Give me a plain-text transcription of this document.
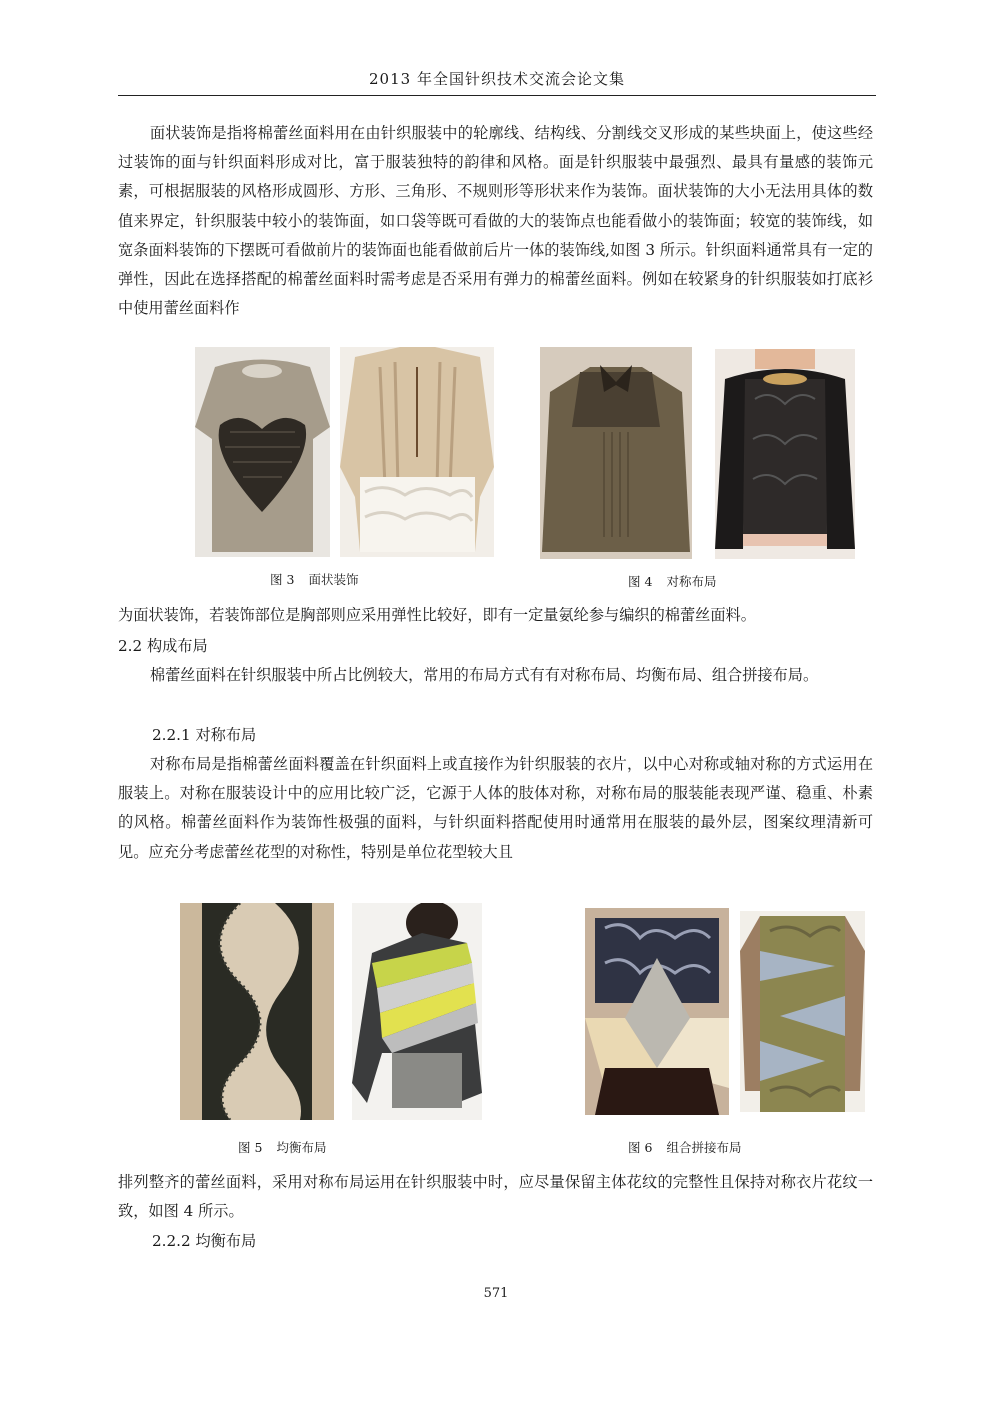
2013 年全国针织技术交流会论文集

面状装饰是指将棉蕾丝面料用在由针织服装中的轮廓线、结构线、分割线交叉形成的某些块面上，使这些经过装饰的面与针织面料形成对比，富于服装独特的韵律和风格。面是针织服装中最强烈、最具有量感的装饰元素，可根据服装的风格形成圆形、方形、三角形、不规则形等形状来作为装饰。面状装饰的大小无法用具体的数值来界定，针织服装中较小的装饰面，如口袋等既可看做的大的装饰点也能看做小的装饰面；较宽的装饰线，如宽条面料装饰的下摆既可看做前片的装饰面也能看做前后片一体的装饰线,如图 3 所示。针织面料通常具有一定的弹性，因此在选择搭配的棉蕾丝面料时需考虑是否采用有弹力的棉蕾丝面料。例如在较紧身的针织服装如打底衫中使用蕾丝面料作

图 3 面状装饰	图 4 对称布局

为面状装饰，若装饰部位是胸部则应采用弹性比较好，即有一定量氨纶参与编织的棉蕾丝面料。

2.2 构成布局

棉蕾丝面料在针织服装中所占比例较大，常用的布局方式有有对称布局、均衡布局、组合拼接布局。

2.2.1 对称布局

对称布局是指棉蕾丝面料覆盖在针织面料上或直接作为针织服装的衣片，以中心对称或轴对称的方式运用在服装上。对称在服装设计中的应用比较广泛，它源于人体的肢体对称，对称布局的服装能表现严谨、稳重、朴素的风格。棉蕾丝面料作为装饰性极强的面料，与针织面料搭配使用时通常用在服装的最外层，图案纹理清新可见。应充分考虑蕾丝花型的对称性，特别是单位花型较大且

图 5 均衡布局	图 6 组合拼接布局

排列整齐的蕾丝面料，采用对称布局运用在针织服装中时，应尽量保留主体花纹的完整性且保持对称衣片花纹一致，如图 4 所示。

2.2.2 均衡布局

571
